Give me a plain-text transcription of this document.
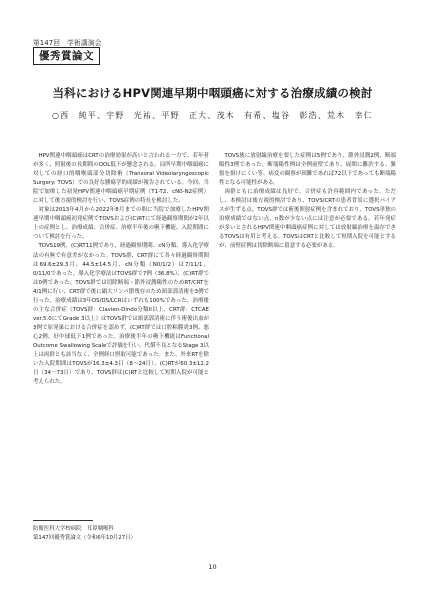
第147回　学術講演会
優秀賞論文
当科におけるHPV関連早期中咽頭癌に対する治療成績の検討
○西　純平、宇野　光祐、平野　正大、茂木　有希、塩谷　彰浩、荒木　幸仁

HPV関連中咽頭癌はCRTの治療効果が高いと言われる一方で、若年者が多く、照射後の長期間のQOL低下が懸念される。局所早期中咽頭癌に対しての経口的咽喉頭部分切除術（Transoral Videolaryngoscopic Surgery: TOVS）での良好な腫瘍学的成績が報告されている。今回、当院で加療した初発HPV関連中咽頭癌早期症例（T1-T2、cN0-N2症例）に対して後方視的検討を行い、TOVS症例の特長を検討した。

対象は2013年4月から2022年8月までの間に当院で加療したHPV関連早期中咽頭癌初発症例でTOVSおよび(C)RTにて経過観察期間が2年以上の症例とし、治療成績、合併症、治療半年後の嚥下機能、入院期間について検討を行った。

TOVS19例、(C)RT11例であり、経過観察期間、cN分類、導入化学療法の有無で有意差がなかった。TOVS群、CRT群にて各々経過観察期間は69.6±29.3月、44.5±14.5月、cN分類（N0/1/2）は7/11/1、0/11/0であった。導入化学療法はTOVS群で7例（36.8%）、(C)RT群では0例であった。TOVS群では切除断端・節外浸潤陽性のためRT/CRTを4/1例に行い、CRT群で後に顕大リンパ節残存のため頸部郭清術を3例で行った。治療成績は3年OS/DS/LCRはいずれも100%であった。治療後の主な合併症（TOVS群：Clavien-Dindo分類II以上、CRT群：CTCAE ver.5.0にてGrade 3以上）はTOVS群では頸部郭清術に伴う術後出血が3例で原発巣における合併症を認めず、(C)RT群では口腔粘膜炎3例、悪心2例、好中球低下1例であった。治療後半年の嚥下機能はFunctional Outcome Swallowing Scaleで評価を行い、代償不良となるStage 3以上は両群とも該当なく、全例経口摂取可能であった。また、外来RTを除いた入院期間はTOVSが16.3±4.3日（8〜24日）、(C)RTが60.3±12.2日（34〜73日）であり、TOVS群は(C)RTと比較して短期入院が可能と考えられた。

TOVS後に放射線治療を要した症例は5例であり、節外浸潤2例、断端陽性3例であった。断端陽性例は全例前壁であり、展開に難渋する、緊張を掛けにくい等、病変の観察が困難であれば72以下であっても断端陽性となる可能性がある。

両群ともに治療成績は良好で、合併症も許容範囲内であった。ただし、本検討は後方視的検討であり、TOVS/CRTの患者背景に選択バイアスが生ずる点、TOVS群では術後照射症例を含まれており、TOVS単独の治療成績ではない点、n数が少ない点には注意が必要である。若年発症が多いとされるHPV関連中咽頭癌症例に対しては放射線治療を温存できるTOVSは有用と考える。TOVSはCRTと比較して短期入院を可能とするが、前壁症例は切除断端に留意する必要がある。

防衛医科大学校病院　耳鼻咽喉科
第147回優秀賞論文（令和6年10月27日）
10
